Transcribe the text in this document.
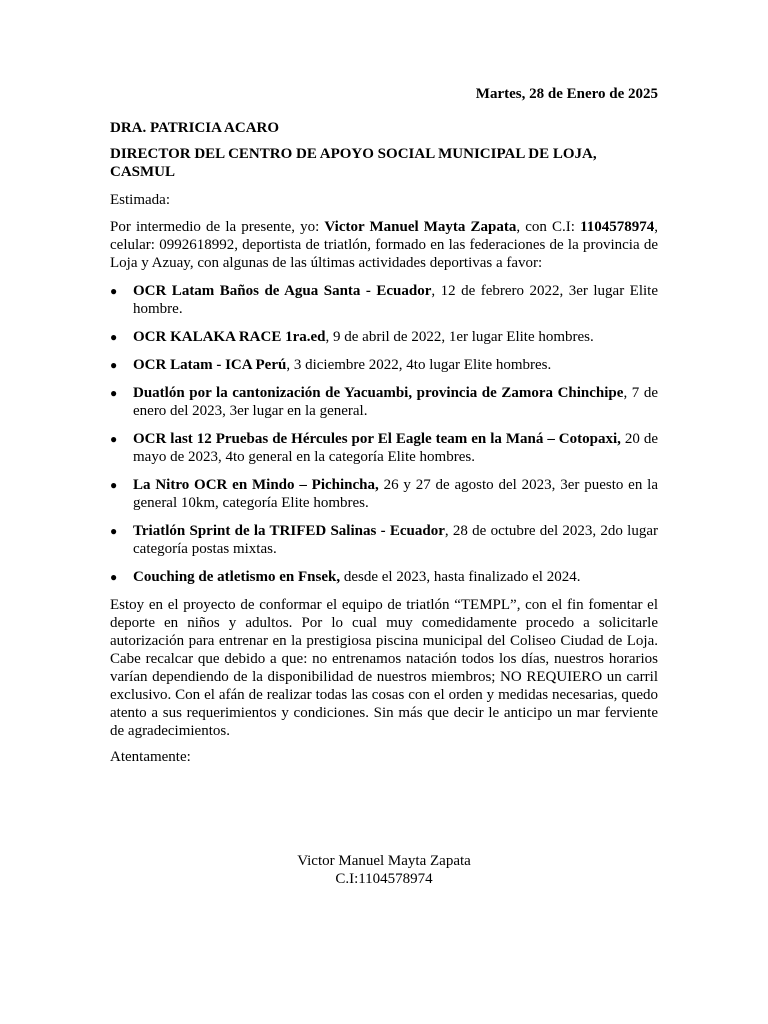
Martes, 28 de Enero de 2025

DRA. PATRICIA ACARO

DIRECTOR DEL CENTRO DE APOYO SOCIAL MUNICIPAL DE LOJA, CASMUL

Estimada:

Por intermedio de la presente, yo: Victor Manuel Mayta Zapata, con C.I: 1104578974, celular: 0992618992, deportista de triatlón, formado en las federaciones de la provincia de Loja y Azuay, con algunas de las últimas actividades deportivas a favor:

● OCR Latam Baños de Agua Santa - Ecuador, 12 de febrero 2022, 3er lugar Elite hombre.
● OCR KALAKA RACE 1ra.ed, 9 de abril de 2022, 1er lugar Elite hombres.
● OCR Latam - ICA Perú, 3 diciembre 2022, 4to lugar Elite hombres.
● Duatlón por la cantonización de Yacuambi, provincia de Zamora Chinchipe, 7 de enero del 2023, 3er lugar en la general.
● OCR last 12 Pruebas de Hércules por El Eagle team en la Maná – Cotopaxi, 20 de mayo de 2023, 4to general en la categoría Elite hombres.
● La Nitro OCR en Mindo – Pichincha, 26 y 27 de agosto del 2023, 3er puesto en la general 10km, categoría Elite hombres.
● Triatlón Sprint de la TRIFED Salinas - Ecuador, 28 de octubre del 2023, 2do lugar categoría postas mixtas.
● Couching de atletismo en Fnsek, desde el 2023, hasta finalizado el 2024.

Estoy en el proyecto de conformar el equipo de triatlón “TEMPL”, con el fin fomentar el deporte en niños y adultos. Por lo cual muy comedidamente procedo a solicitarle autorización para entrenar en la prestigiosa piscina municipal del Coliseo Ciudad de Loja. Cabe recalcar que debido a que: no entrenamos natación todos los días, nuestros horarios varían dependiendo de la disponibilidad de nuestros miembros; NO REQUIERO un carril exclusivo. Con el afán de realizar todas las cosas con el orden y medidas necesarias, quedo atento a sus requerimientos y condiciones. Sin más que decir le anticipo un mar ferviente de agradecimientos.

Atentamente:

Victor Manuel Mayta Zapata
C.I:1104578974
